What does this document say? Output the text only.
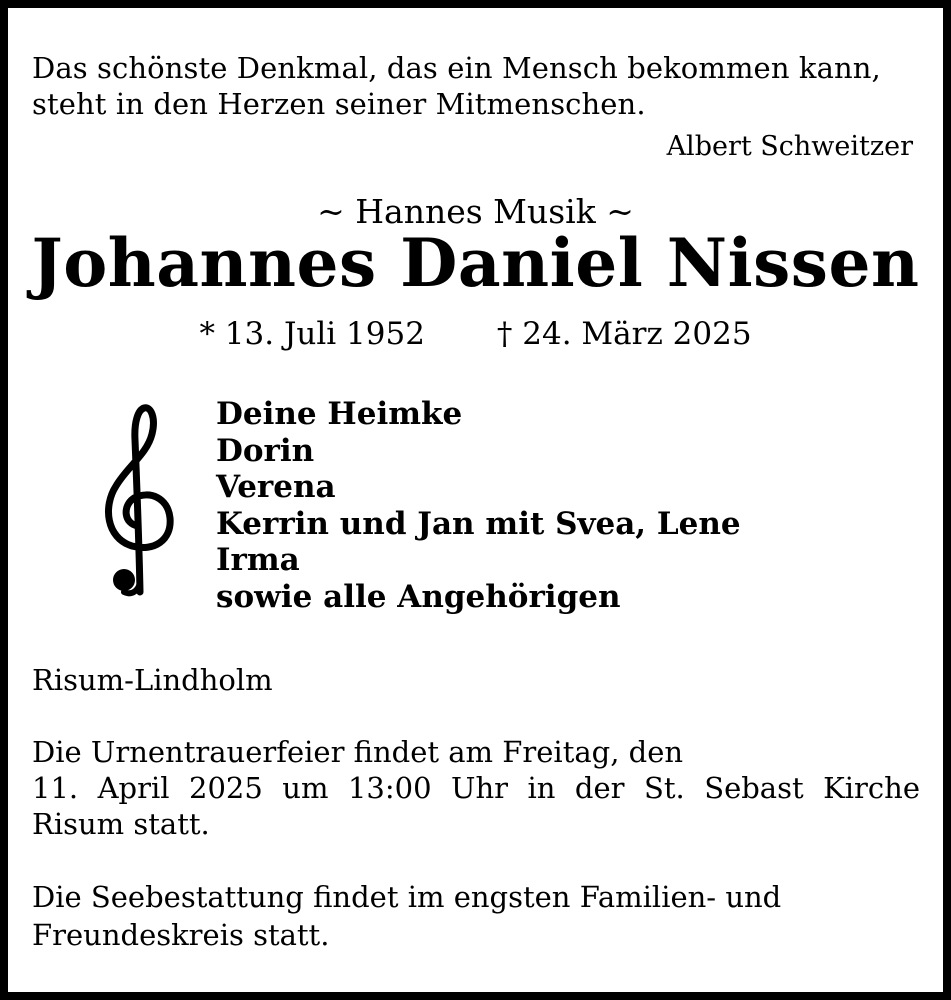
Das schönste Denkmal, das ein Mensch bekommen kann,
steht in den Herzen seiner Mitmenschen.
Albert Schweitzer
~ Hannes Musik ~
Johannes Daniel Nissen
* 13. Juli 1952 † 24. März 2025
Deine Heimke
Dorin
Verena
Kerrin und Jan mit Svea, Lene
Irma
sowie alle Angehörigen
Risum-Lindholm
Die Urnentrauerfeier findet am Freitag, den
11. April 2025 um 13:00 Uhr in der St. Sebast Kirche
Risum statt.
Die Seebestattung findet im engsten Familien- und
Freundeskreis statt.
